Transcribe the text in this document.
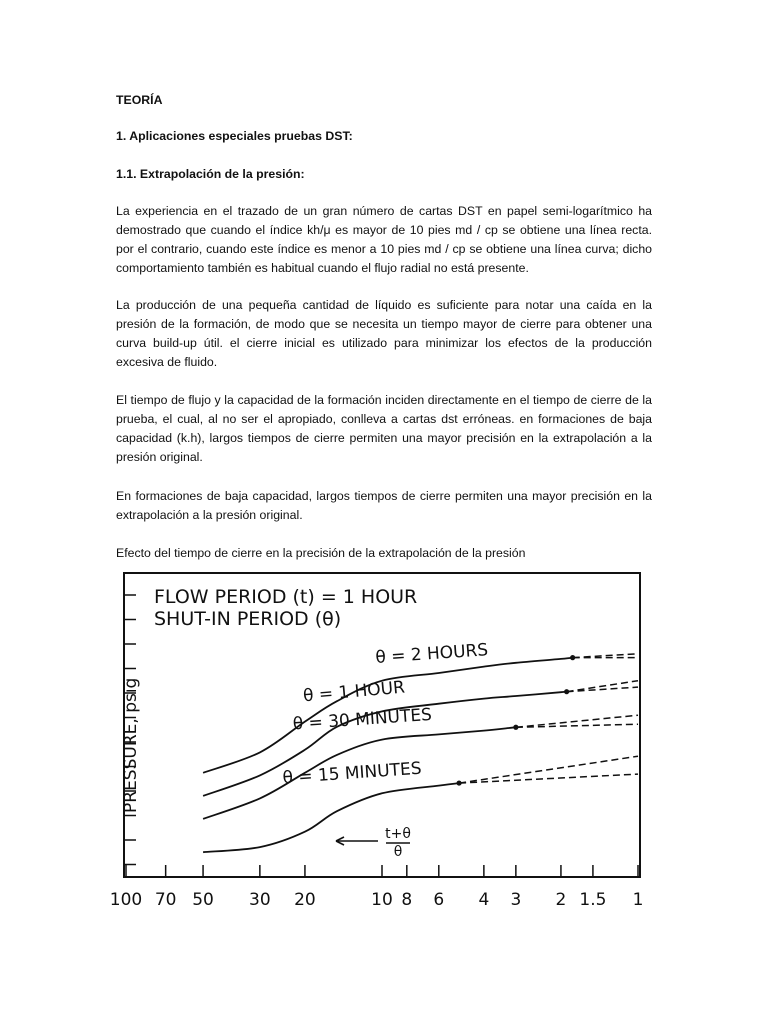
TEORÍA

1. Aplicaciones especiales pruebas DST:

1.1. Extrapolación de la presión:

La experiencia en el trazado de un gran número de cartas DST en papel semi-logarítmico ha demostrado que cuando el índice kh/μ es mayor de 10 pies md / cp se obtiene una línea recta. por el contrario, cuando este índice es menor a 10 pies md / cp se obtiene una línea curva; dicho comportamiento también es habitual cuando el flujo radial no está presente.

La producción de una pequeña cantidad de líquido es suficiente para notar una caída en la presión de la formación, de modo que se necesita un tiempo mayor de cierre para obtener una curva build-up útil. el cierre inicial es utilizado para minimizar los efectos de la producción excesiva de fluido.

El tiempo de flujo y la capacidad de la formación inciden directamente en el tiempo de cierre de la prueba, el cual, al no ser el apropiado, conlleva a cartas dst erróneas. en formaciones de baja capacidad (k.h), largos tiempos de cierre permiten una mayor precisión en la extrapolación a la presión original.

En formaciones de baja capacidad, largos tiempos de cierre permiten una mayor precisión en la extrapolación a la presión original.

Efecto del tiempo de cierre en la precisión de la extrapolación de la presión

100 70 50 30 20	10 8 6 4 3 2 1.5 1
θ = 2 HOURS
θ = 1 HOUR
θ = 30 MINUTES
θ = 15 MINUTES
FLOW PERIOD (t) = 1 HOUR
SHUT-IN PERIOD (θ)
PRESSURE, psig
t+θ
θ
